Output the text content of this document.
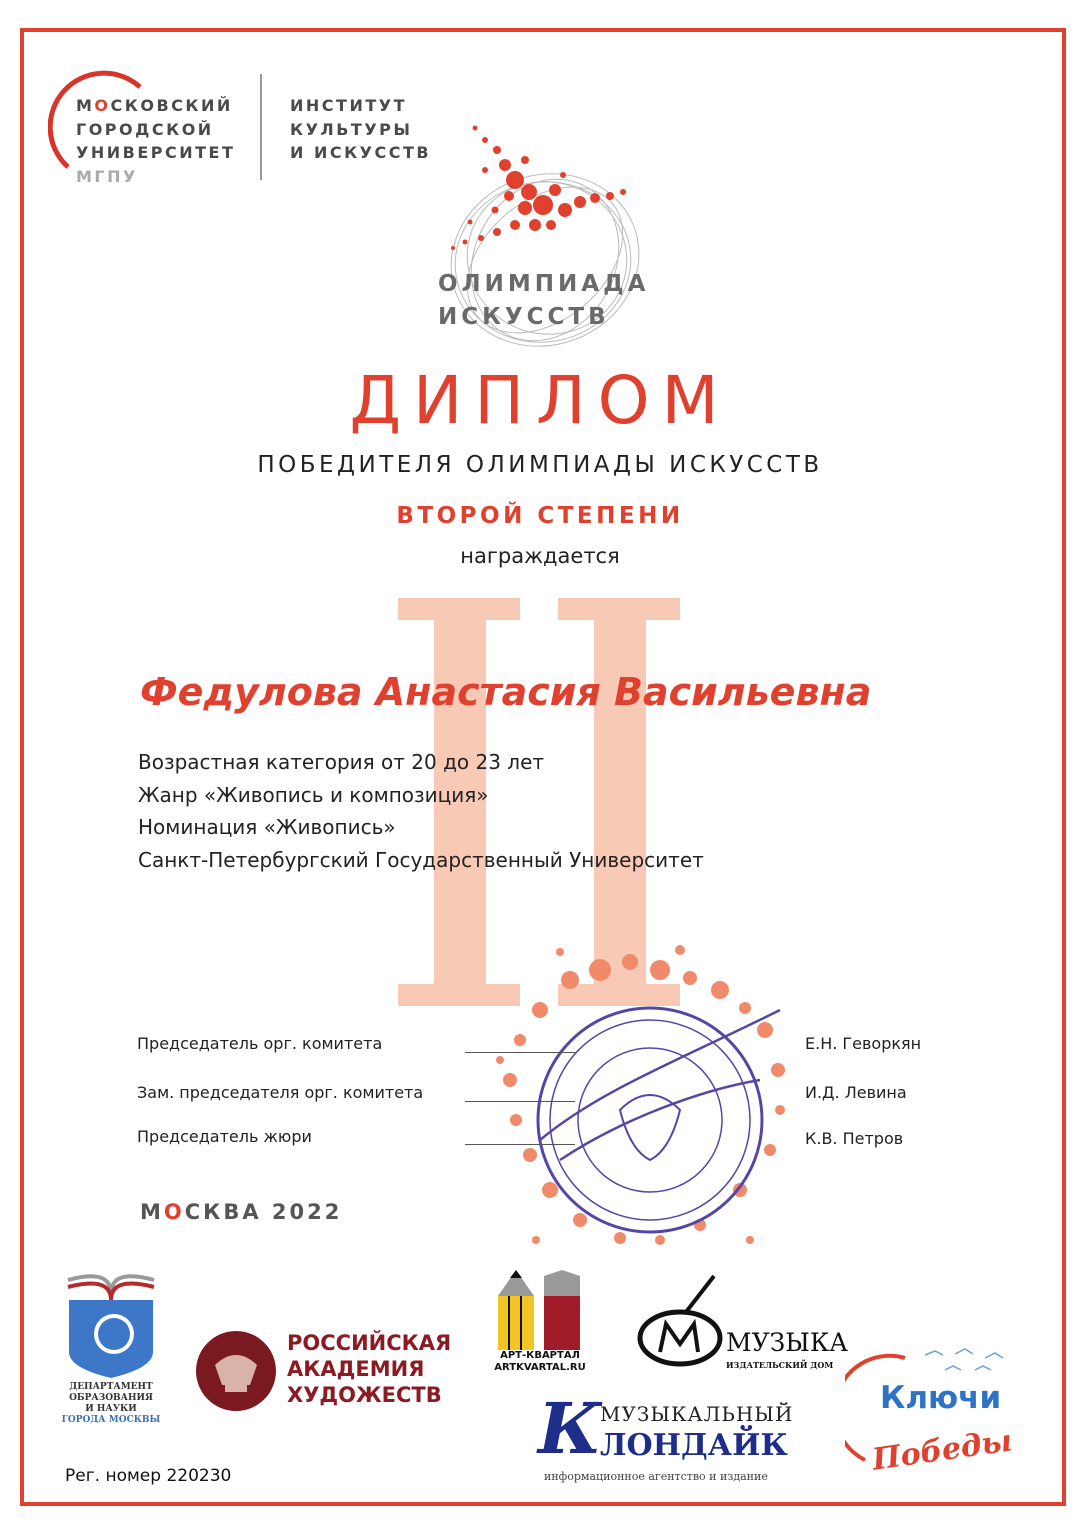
МОСКОВСКИЙ
ГОРОДСКОЙ
УНИВЕРСИТЕТ
МГПУ
ИНСТИТУТ
КУЛЬТУРЫ
И ИСКУССТВ
ОЛИМПИАДА
ИСКУССТВ
ДИПЛОМ
ПОБЕДИТЕЛЯ ОЛИМПИАДЫ ИСКУССТВ
ВТОРОЙ СТЕПЕНИ
награждается
Федулова Анастасия Васильевна
Возрастная категория от 20 до 23 лет
Жанр «Живопись и композиция»
Номинация «Живопись»
Санкт-Петербургский Государственный Университет
Председатель орг. комитета	Е.Н. Геворкян
Зам. председателя орг. комитета	И.Д. Левина
Председатель жюри	К.В. Петров
МОСКВА 2022
ДЕПАРТАМЕНТ
ОБРАЗОВАНИЯ
И НАУКИ
ГОРОДА МОСКВЫ
РОССИЙСКАЯ
АКАДЕМИЯ
ХУДОЖЕСТВ
АРТ-КВАРТАЛ
ARTKVARTAL.RU
МУЗЫКА
ИЗДАТЕЛЬСКИЙ ДОМ
К
МУЗЫКАЛЬНЫЙ
ЛОНДАЙК
информационное агентство и издание
Ключи
Победы
Рег. номер 220230
